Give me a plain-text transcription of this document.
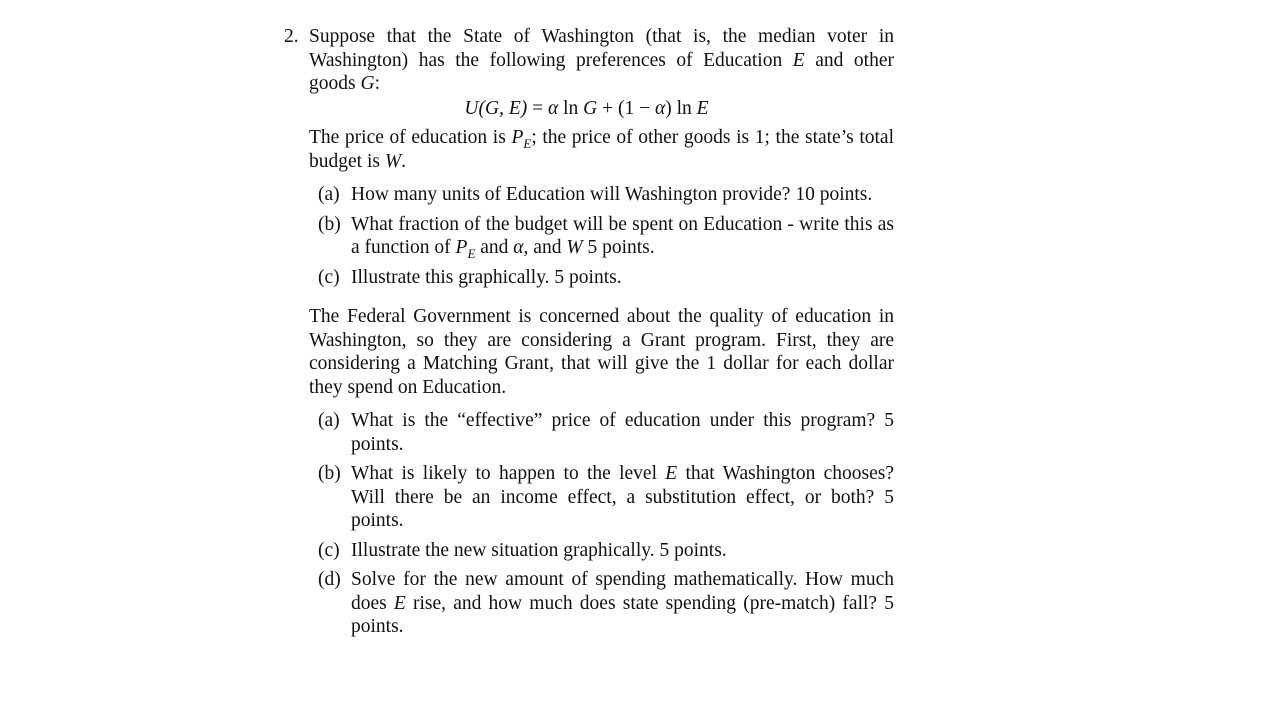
2. Suppose that the State of Washington (that is, the median voter in Washington) has the following preferences of Education E and other goods G:

U(G, E) = α ln G + (1 − α) ln E

The price of education is $P_E$; the price of other goods is 1; the state’s total budget is W.

(a) How many units of Education will Washington provide? 10 points.
(b) What fraction of the budget will be spent on Education - write this as a function of $P_E$ and α, and W 5 points.
(c) Illustrate this graphically. 5 points.

The Federal Government is concerned about the quality of education in Washington, so they are considering a Grant program. First, they are considering a Matching Grant, that will give the 1 dollar for each dollar they spend on Education.

(a) What is the “effective” price of education under this program? 5 points.
(b) What is likely to happen to the level E that Washington chooses? Will there be an income effect, a substitution effect, or both? 5 points.
(c) Illustrate the new situation graphically. 5 points.
(d) Solve for the new amount of spending mathematically. How much does E rise, and how much does state spending (pre-match) fall? 5 points.
